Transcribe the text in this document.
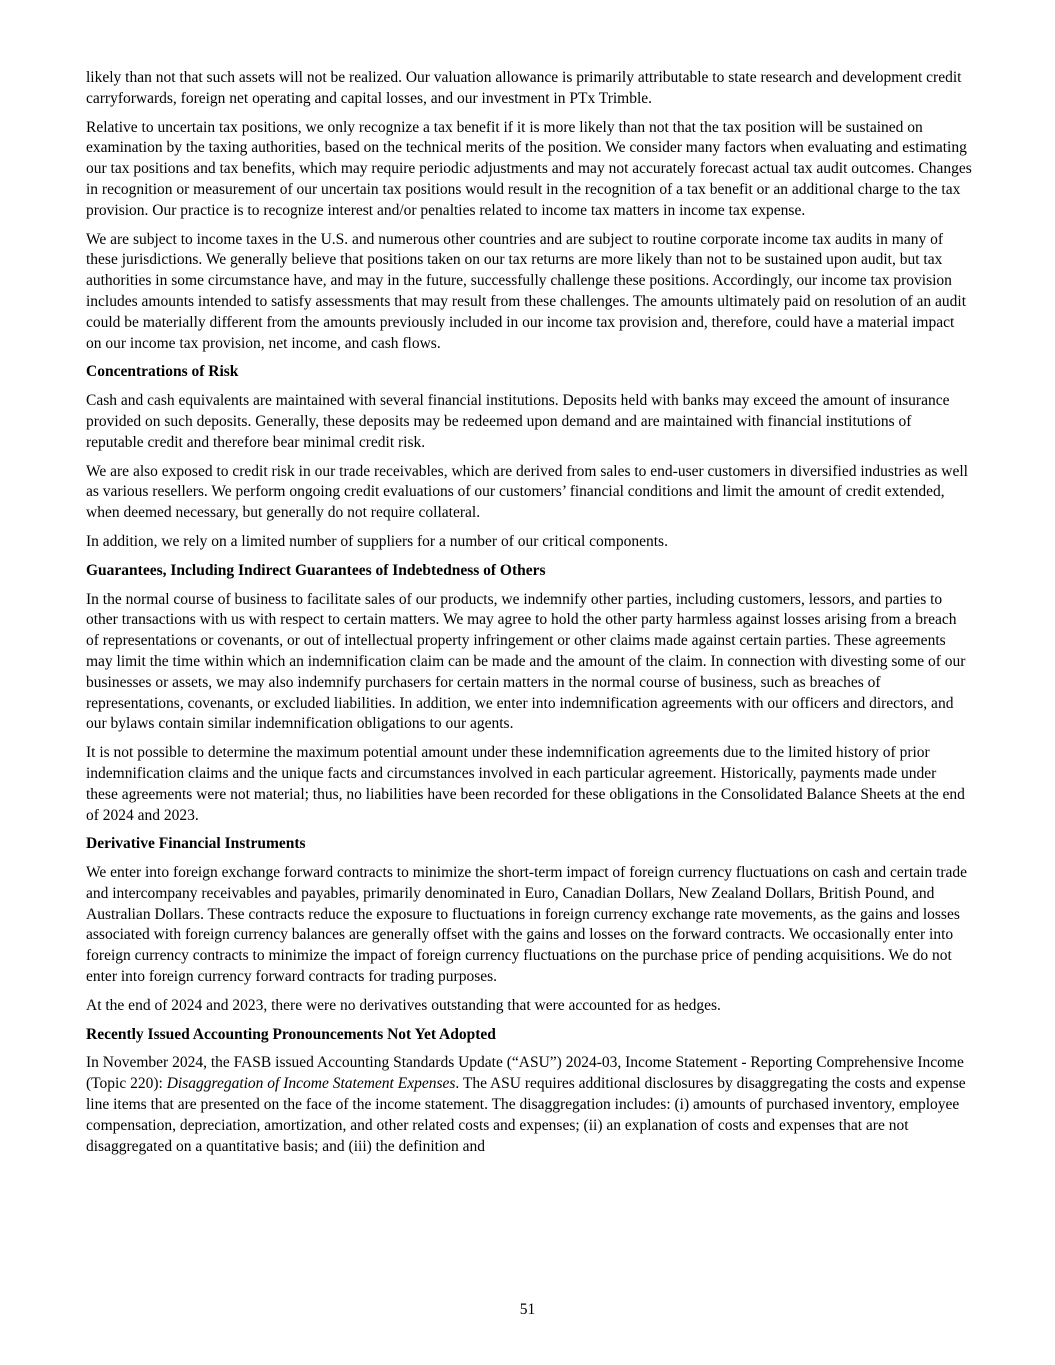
likely than not that such assets will not be realized. Our valuation allowance is primarily attributable to state research and development credit carryforwards, foreign net operating and capital losses, and our investment in PTx Trimble.

Relative to uncertain tax positions, we only recognize a tax benefit if it is more likely than not that the tax position will be sustained on examination by the taxing authorities, based on the technical merits of the position. We consider many factors when evaluating and estimating our tax positions and tax benefits, which may require periodic adjustments and may not accurately forecast actual tax audit outcomes. Changes in recognition or measurement of our uncertain tax positions would result in the recognition of a tax benefit or an additional charge to the tax provision. Our practice is to recognize interest and/or penalties related to income tax matters in income tax expense.

We are subject to income taxes in the U.S. and numerous other countries and are subject to routine corporate income tax audits in many of these jurisdictions. We generally believe that positions taken on our tax returns are more likely than not to be sustained upon audit, but tax authorities in some circumstance have, and may in the future, successfully challenge these positions. Accordingly, our income tax provision includes amounts intended to satisfy assessments that may result from these challenges. The amounts ultimately paid on resolution of an audit could be materially different from the amounts previously included in our income tax provision and, therefore, could have a material impact on our income tax provision, net income, and cash flows.

Concentrations of Risk

Cash and cash equivalents are maintained with several financial institutions. Deposits held with banks may exceed the amount of insurance provided on such deposits. Generally, these deposits may be redeemed upon demand and are maintained with financial institutions of reputable credit and therefore bear minimal credit risk.

We are also exposed to credit risk in our trade receivables, which are derived from sales to end-user customers in diversified industries as well as various resellers. We perform ongoing credit evaluations of our customers’ financial conditions and limit the amount of credit extended, when deemed necessary, but generally do not require collateral.

In addition, we rely on a limited number of suppliers for a number of our critical components.

Guarantees, Including Indirect Guarantees of Indebtedness of Others

In the normal course of business to facilitate sales of our products, we indemnify other parties, including customers, lessors, and parties to other transactions with us with respect to certain matters. We may agree to hold the other party harmless against losses arising from a breach of representations or covenants, or out of intellectual property infringement or other claims made against certain parties. These agreements may limit the time within which an indemnification claim can be made and the amount of the claim. In connection with divesting some of our businesses or assets, we may also indemnify purchasers for certain matters in the normal course of business, such as breaches of representations, covenants, or excluded liabilities. In addition, we enter into indemnification agreements with our officers and directors, and our bylaws contain similar indemnification obligations to our agents.

It is not possible to determine the maximum potential amount under these indemnification agreements due to the limited history of prior indemnification claims and the unique facts and circumstances involved in each particular agreement. Historically, payments made under these agreements were not material; thus, no liabilities have been recorded for these obligations in the Consolidated Balance Sheets at the end of 2024 and 2023.

Derivative Financial Instruments

We enter into foreign exchange forward contracts to minimize the short-term impact of foreign currency fluctuations on cash and certain trade and intercompany receivables and payables, primarily denominated in Euro, Canadian Dollars, New Zealand Dollars, British Pound, and Australian Dollars. These contracts reduce the exposure to fluctuations in foreign currency exchange rate movements, as the gains and losses associated with foreign currency balances are generally offset with the gains and losses on the forward contracts. We occasionally enter into foreign currency contracts to minimize the impact of foreign currency fluctuations on the purchase price of pending acquisitions. We do not enter into foreign currency forward contracts for trading purposes.

At the end of 2024 and 2023, there were no derivatives outstanding that were accounted for as hedges.

Recently Issued Accounting Pronouncements Not Yet Adopted

In November 2024, the FASB issued Accounting Standards Update (“ASU”) 2024-03, Income Statement - Reporting Comprehensive Income (Topic 220): Disaggregation of Income Statement Expenses. The ASU requires additional disclosures by disaggregating the costs and expense line items that are presented on the face of the income statement. The disaggregation includes: (i) amounts of purchased inventory, employee compensation, depreciation, amortization, and other related costs and expenses; (ii) an explanation of costs and expenses that are not disaggregated on a quantitative basis; and (iii) the definition and

51
